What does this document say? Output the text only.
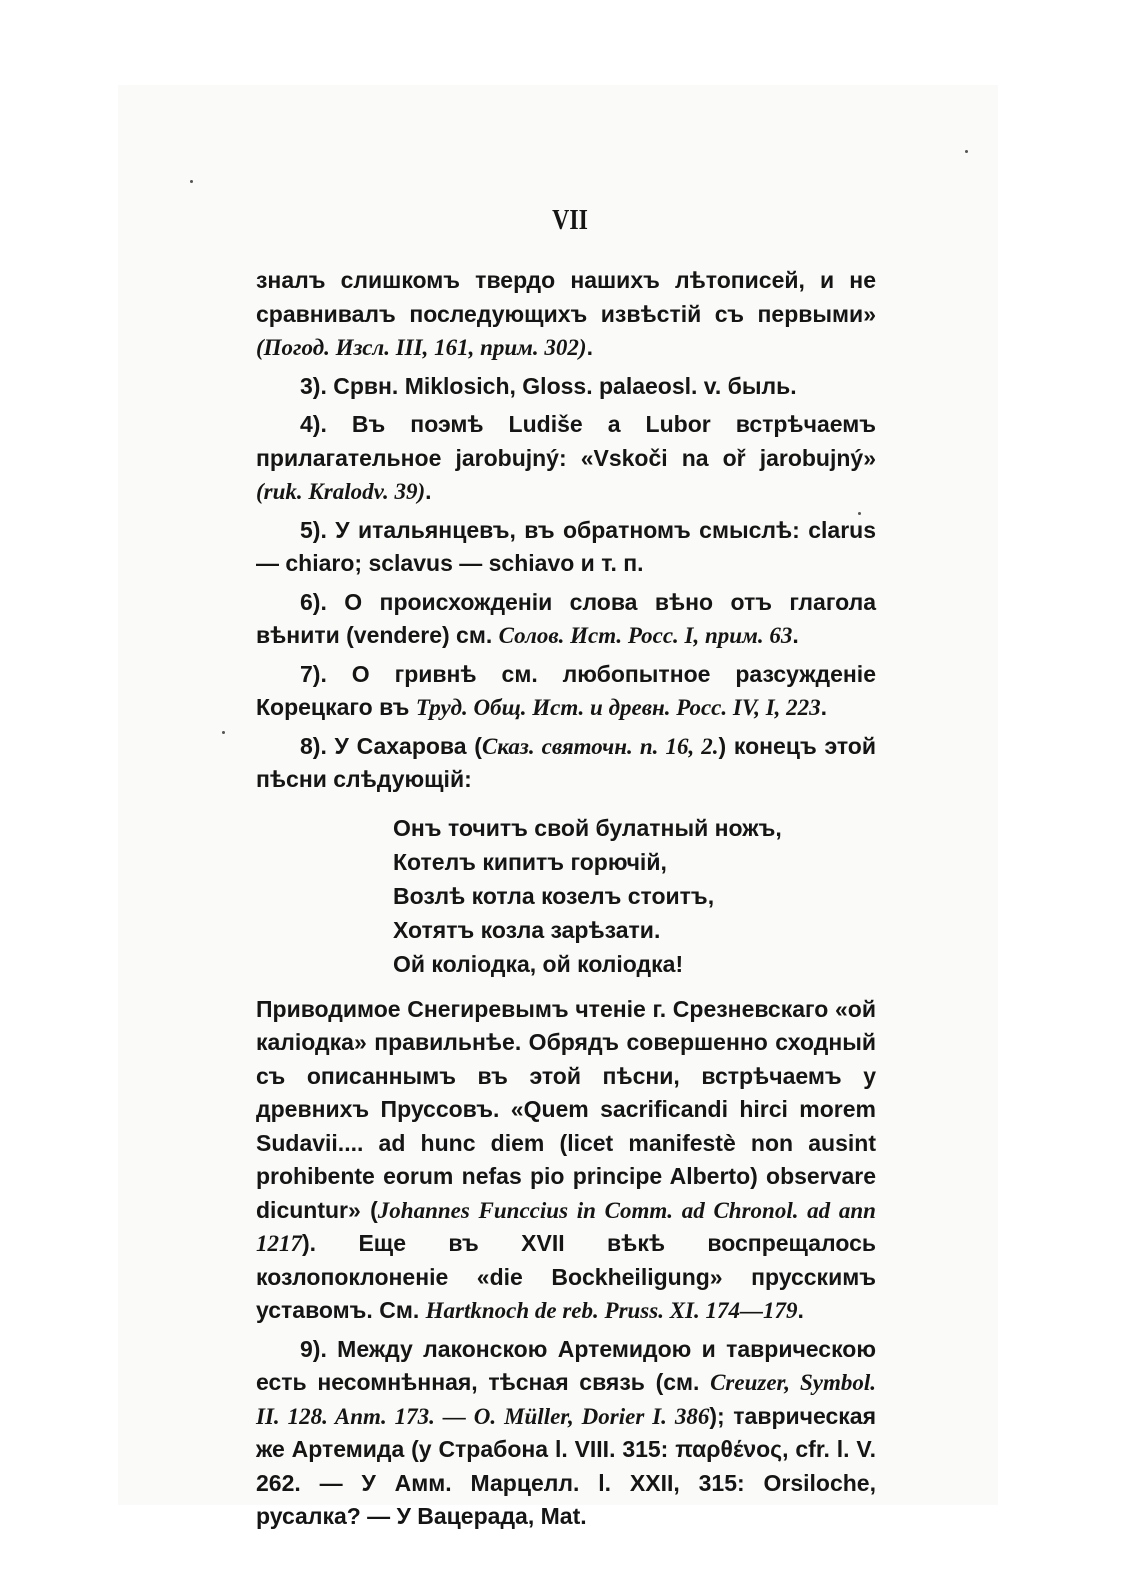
VII

зналъ слишкомъ твердо нашихъ лѣтописей, и не сравнивалъ последующихъ извѣстій съ первыми» (Погод. Изсл. III, 161, прим. 302).

3). Срвн. Miklosich, Gloss. palaeosl. v. быль.

4). Въ поэмѣ Ludiše a Lubor встрѣчаемъ прилагательное jarobujný: «Vskoči na oř jarobujný» (ruk. Kralodv. 39).

5). У итальянцевъ, въ обратномъ смыслѣ: clarus — chiaro; sclavus — schiavo и т. п.

6). О происхожденіи слова вѣно отъ глагола вѣнити (vendere) см. Солов. Ист. Росс. I, прим. 63.

7). О гривнѣ см. любопытное разсужденіе Корецкаго въ Труд. Общ. Ист. и древн. Росс. IV, I, 223.

8). У Сахарова (Сказ. святочн. п. 16, 2.) конецъ этой пѣсни слѣдующій:

Онъ точитъ свой булатный ножъ,
Котелъ кипитъ горючій,
Возлѣ котла козелъ стоитъ,
Хотятъ козла зарѣзати.
Ой коліодка, ой коліодка!

Приводимое Снегиревымъ чтеніе г. Срезневскаго «ой каліодка» правильнѣе. Обрядъ совершенно сходный съ описаннымъ въ этой пѣсни, встрѣчаемъ у древнихъ Пруссовъ. «Quem sacrificandi hirci morem Sudavii.... ad hunc diem (licet manifestè non ausint prohibente eorum nefas pio principe Alberto) observare dicuntur» (Johannes Funccius in Comm. ad Chronol. ad ann 1217). Еще въ XVII вѣкѣ воспрещалось козлопоклоненіе «die Bockheiligung» прусскимъ уставомъ. См. Hartknoch de reb. Pruss. XI. 174—179.

9). Между лаконскою Артемидою и таврическою есть несомнѣнная, тѣсная связь (см. Creuzer, Symbol. II. 128. Anm. 173. — O. Müller, Dorier I. 386); таврическая же Артемида (у Страбона l. VIII. 315: παρθένος, cfr. l. V. 262. — У Амм. Марцелл. l. XXII, 315: Orsiloche, русалка? — У Вацерада, Mat.
